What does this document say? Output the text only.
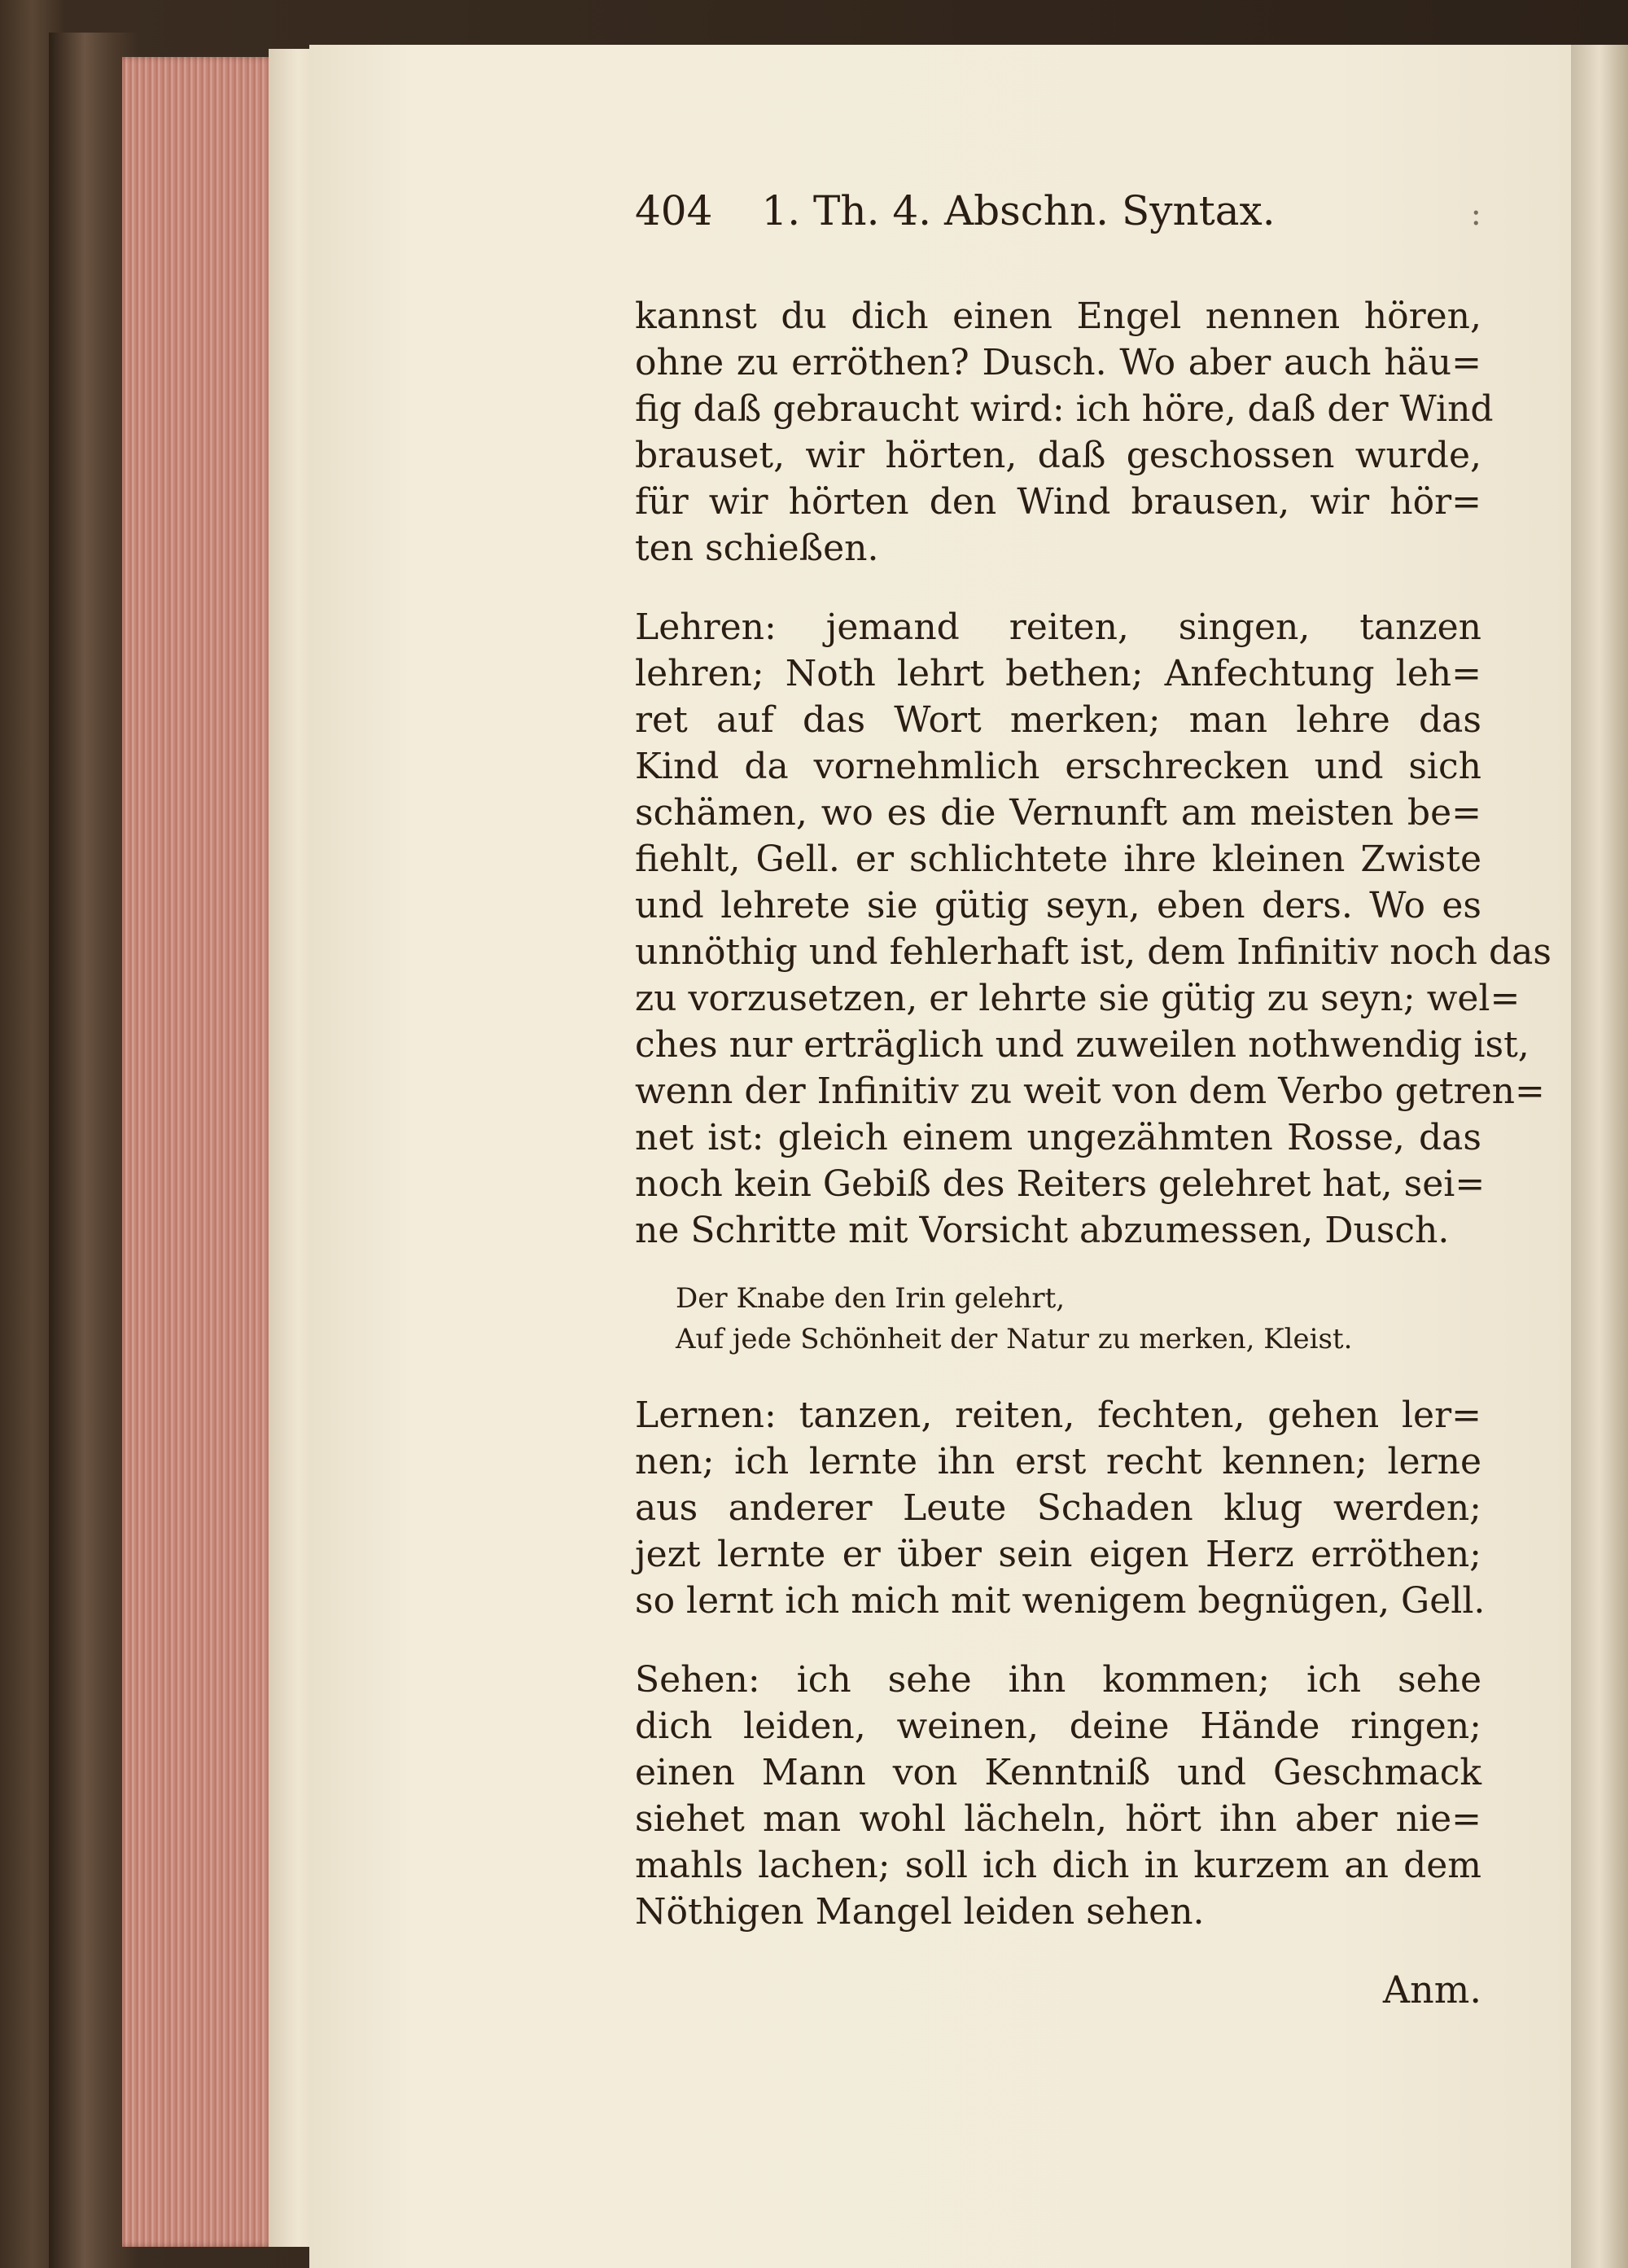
404 1. Th. 4. Abschn. Syntax.	:
kannst du dich einen Engel nennen hören,
ohne zu erröthen? Dusch. Wo aber auch häu=
fig daß gebraucht wird: ich höre, daß der Wind
brauset, wir hörten, daß geschossen wurde,
für wir hörten den Wind brausen, wir hör=
ten schießen.
Lehren: jemand reiten, singen, tanzen
lehren; Noth lehrt bethen; Anfechtung leh=
ret auf das Wort merken; man lehre das
Kind da vornehmlich erschrecken und sich
schämen, wo es die Vernunft am meisten be=
fiehlt, Gell. er schlichtete ihre kleinen Zwiste
und lehrete sie gütig seyn, eben ders. Wo es
unnöthig und fehlerhaft ist, dem Infinitiv noch das
zu vorzusetzen, er lehrte sie gütig zu seyn; wel=
ches nur erträglich und zuweilen nothwendig ist,
wenn der Infinitiv zu weit von dem Verbo getren=
net ist: gleich einem ungezähmten Rosse, das
noch kein Gebiß des Reiters gelehret hat, sei=
ne Schritte mit Vorsicht abzumessen, Dusch.
Der Knabe den Irin gelehrt,
Auf jede Schönheit der Natur zu merken, Kleist.
Lernen: tanzen, reiten, fechten, gehen ler=
nen; ich lernte ihn erst recht kennen; lerne
aus anderer Leute Schaden klug werden;
jezt lernte er über sein eigen Herz erröthen;
so lernt ich mich mit wenigem begnügen, Gell.
Sehen: ich sehe ihn kommen; ich sehe
dich leiden, weinen, deine Hände ringen;
einen Mann von Kenntniß und Geschmack
siehet man wohl lächeln, hört ihn aber nie=
mahls lachen; soll ich dich in kurzem an dem
Nöthigen Mangel leiden sehen.
Anm.
